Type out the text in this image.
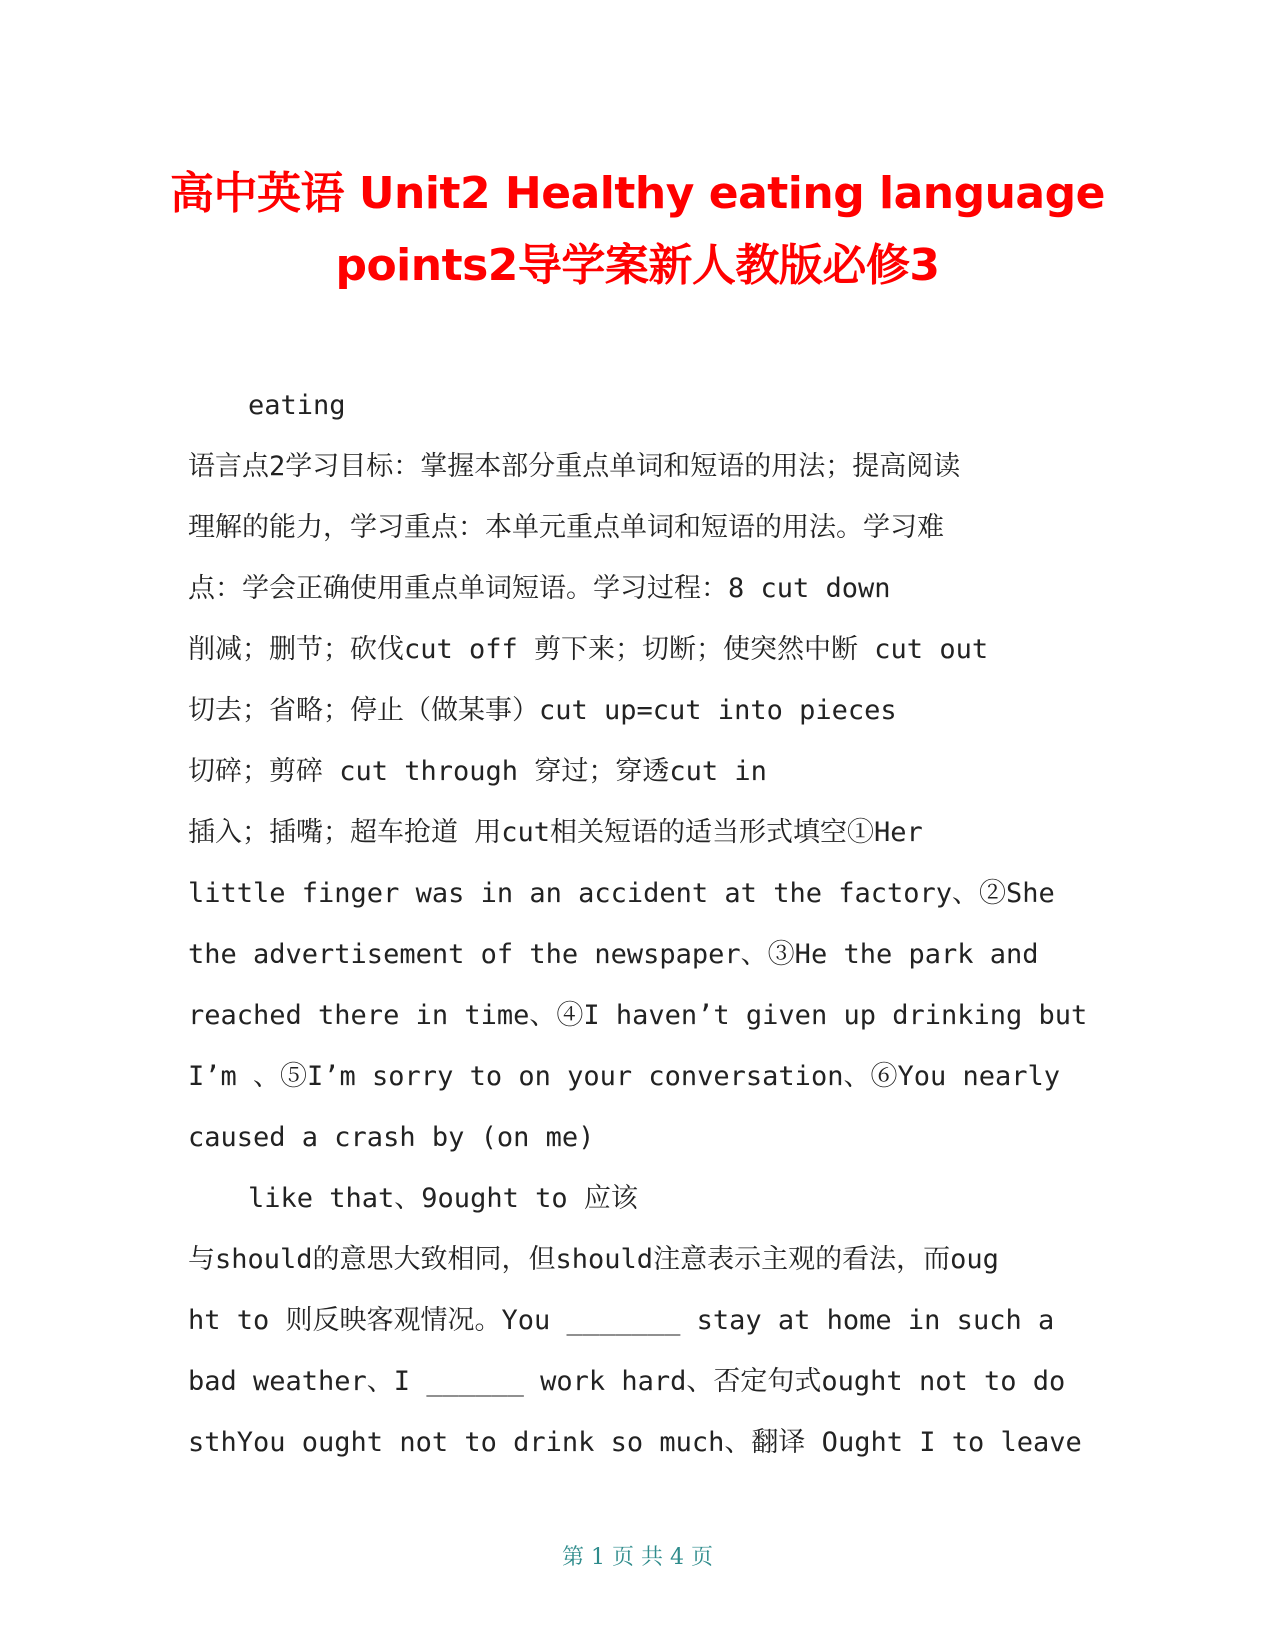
高中英语 Unit2 Healthy eating language
points2导学案新人教版必修3
eating
语言点2学习目标：掌握本部分重点单词和短语的用法；提高阅读
理解的能力，学习重点：本单元重点单词和短语的用法。学习难
点：学会正确使用重点单词短语。学习过程：8 cut down
削减；删节；砍伐cut off 剪下来；切断；使突然中断 cut out
切去；省略；停止（做某事）cut up=cut into pieces
切碎；剪碎 cut through 穿过；穿透cut in
插入；插嘴；超车抢道 用cut相关短语的适当形式填空①Her
little finger was in an accident at the factory、②She
the advertisement of the newspaper、③He the park and
reached there in time、④I haven’t given up drinking but
I’m 、⑤I’m sorry to on your conversation、⑥You nearly
caused a crash by (on me)
like that、9ought to 应该
与should的意思大致相同，但should注意表示主观的看法，而oug
ht to 则反映客观情况。You _______ stay at home in such a
bad weather、I ______ work hard、否定句式ought not to do
sthYou ought not to drink so much、翻译 Ought I to leave
第 1 页 共 4 页
